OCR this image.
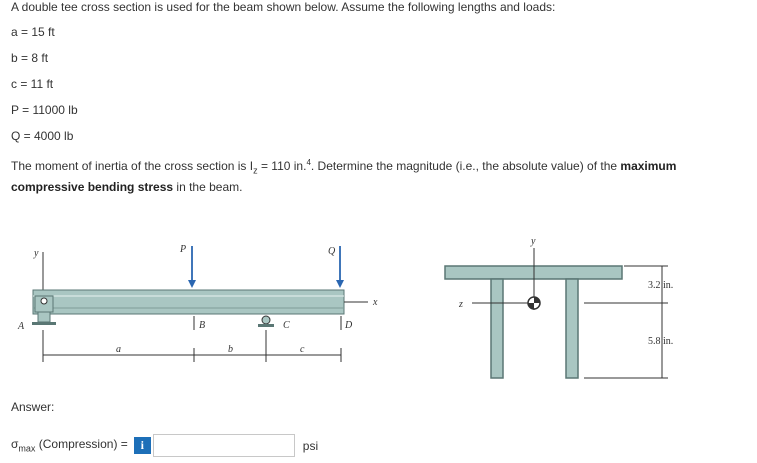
A double tee cross section is used for the beam shown below. Assume the following lengths and loads:
a = 15 ft
b = 8 ft
c = 11 ft
P = 11000 lb
Q = 4000 lb
The moment of inertia of the cross section is $I_z = 110$ in.$^4$. Determine the magnitude (i.e., the absolute value) of the maximum
compressive bending stress in the beam.
y
x
A
P	Q
C
B	D
a	b	c
y
z
3.2 in.
5.8 in.
Answer:
$\sigma_{max}$ (Compression) =	i	psi
